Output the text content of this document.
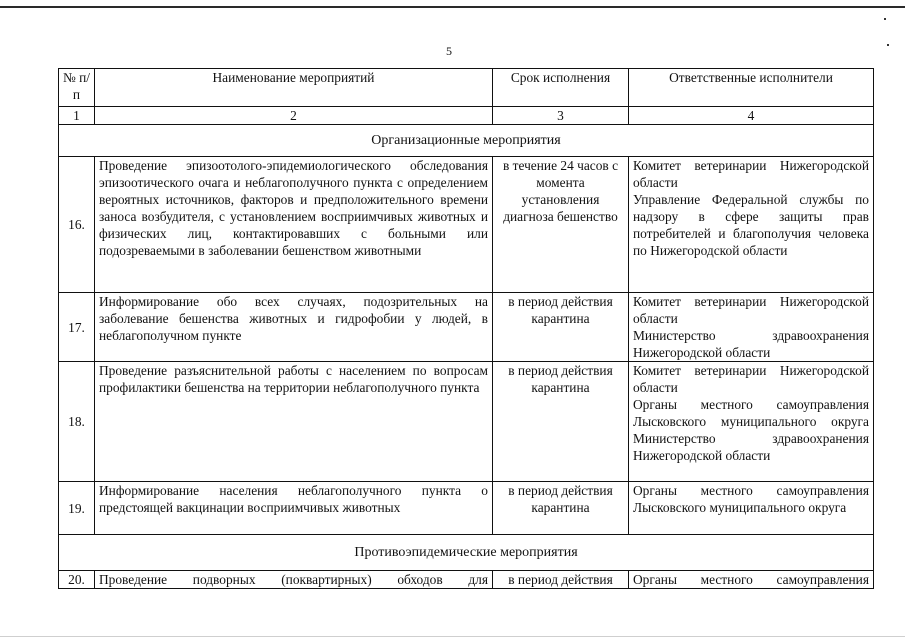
5
№ п/п	Наименование мероприятий	Срок исполнения	Ответственные исполнители
1	2	3	4
Организационные мероприятия			
16.	Проведение эпизоотолого-эпидемиологического обследования эпизоотического очага и неблагополучного пункта с определением вероятных источников, факторов и предположительного времени заноса возбудителя, с установлением восприимчивых животных и физических лиц, контактировавших с больными или подозреваемыми в заболевании бешенством животными	в течение 24 часов с момента установления диагноза бешенство	Комитет ветеринарии Нижегородской области
Управление Федеральной службы по надзору в сфере защиты прав потребителей и благополучия человека по Нижегородской области

17.	Информирование обо всех случаях, подозрительных на заболевание бешенства животных и гидрофобии у людей, в неблагополучном пункте	в период действия карантина	Комитет ветеринарии Нижегородской области
Министерство здравоохранения Нижегородской области

18.	Проведение разъяснительной работы с населением по вопросам профилактики бешенства на территории неблагополучного пункта	в период действия карантина	Комитет ветеринарии Нижегородской области
Органы местного самоуправления Лысковского муниципального округа
Министерство здравоохранения Нижегородской области

19.	Информирование населения неблагополучного пункта о предстоящей вакцинации восприимчивых животных	в период действия карантина	Органы местного самоуправления Лысковского муниципального округа

Противоэпидемические мероприятия			
20.	Проведение подворных (поквартирных) обходов для	в период действия	Органы местного самоуправления
